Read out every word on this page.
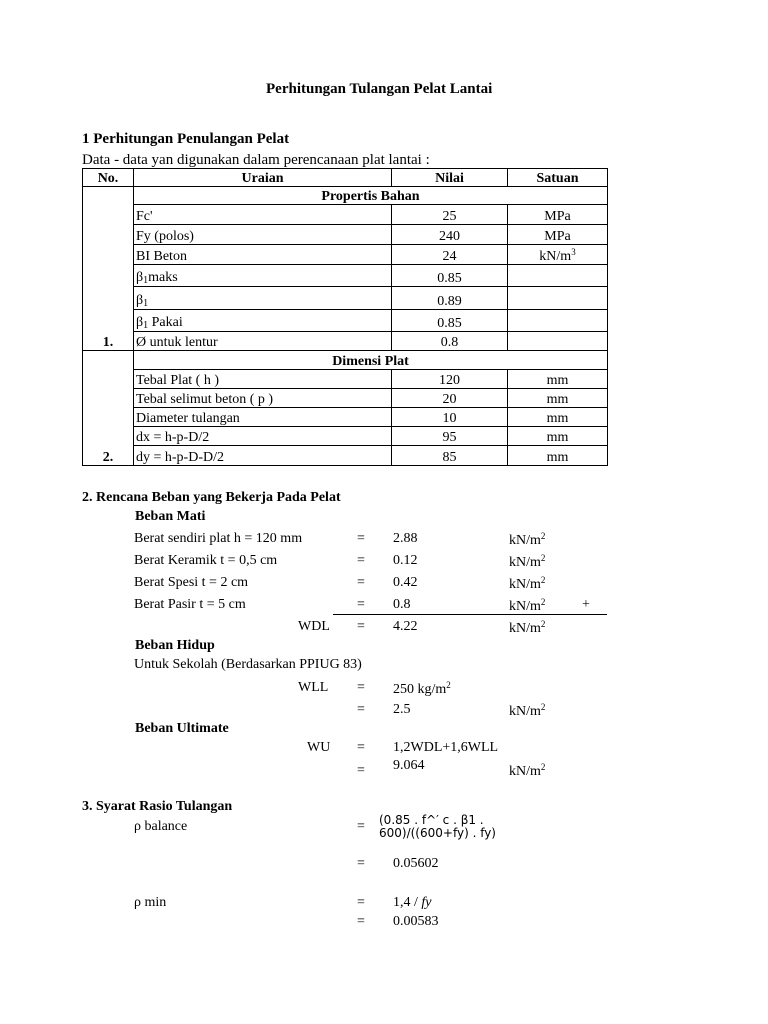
Perhitungan Tulangan Pelat Lantai
1 Perhitungan Penulangan Pelat
Data - data yan digunakan dalam perencanaan plat lantai :
No.	Uraian	Nilai	Satuan
1.	Propertis Bahan		
	Fc'	25	MPa
	Fy (polos)	240	MPa
	BI Beton	24	$kN/m^3$
	$\beta_1maks$	0.85	
	$\beta_1$	0.89	
	$\beta_1$ Pakai	0.85	
	Ø untuk lentur	0.8	
2.	Dimensi Plat		
	Tebal Plat ( h )	120	mm
	Tebal selimut beton ( p )	20	mm
	Diameter tulangan	10	mm
	dx = h-p-D/2	95	mm
	dy = h-p-D-D/2	85	mm
2. Rencana Beban yang Bekerja Pada Pelat
Beban Mati
Berat sendiri plat h = 120 mm	= 2.88	$kN/m^2$
Berat Keramik t = 0,5 cm	= 0.12	$kN/m^2$
Berat Spesi t = 2 cm	= 0.42	$kN/m^2$
Berat Pasir t = 5 cm	= 0.8	$kN/m^2$	+
WDL = 4.22	$kN/m^2$
Beban Hidup
Untuk Sekolah (Berdasarkan PPIUG 83)
WLL = 250 $kg/m^2$
= 2.5	$kN/m^2$
Beban Ultimate
WU = 1,2WDL+1,6WLL
= 9.064	$kN/m^2$
3. Syarat Rasio Tulangan
ρ balance	= (0.85 . f^′ c . β1 .
600)/((600+fy) . fy)
= 0.05602
ρ min	= 1,4 / fy
= 0.00583
